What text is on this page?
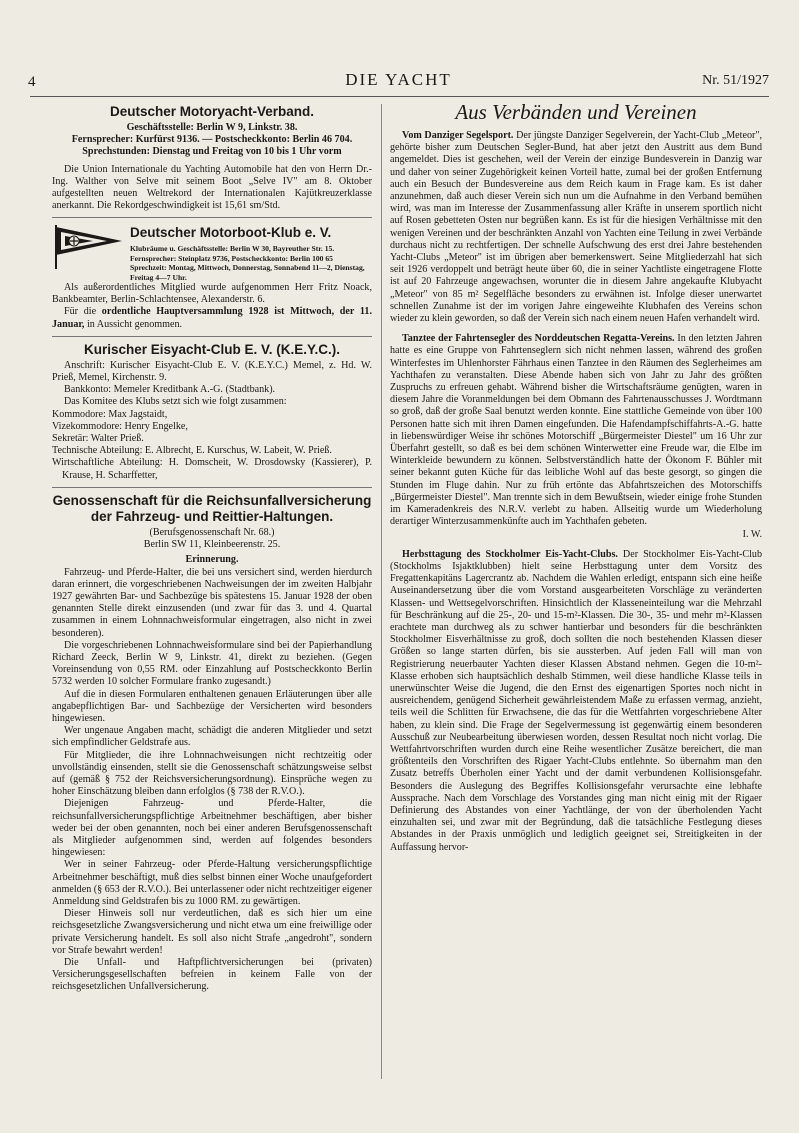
4	DIE YACHT	Nr. 51/1927
Deutscher Motoryacht-Verband.
Geschäftsstelle: Berlin W 9, Linkstr. 38.
Fernsprecher: Kurfürst 9136. — Postscheckkonto: Berlin 46 704.
Sprechstunden: Dienstag und Freitag von 10 bis 1 Uhr vorm

Die Union Internationale du Yachting Automobile hat den von Herrn Dr.-Ing. Walther von Selve mit seinem Boot „Selve IV" am 8. Oktober aufgestellten neuen Weltrekord der Internationalen Kajütkreuzerklasse anerkannt. Die Rekordgeschwindigkeit ist 15,61 sm/Std.

Deutscher Motorboot-Klub e. V.
Klubräume u. Geschäftsstelle: Berlin W 30, Bayreuther Str. 15.
Fernsprecher: Steinplatz 9736, Postscheckkonto: Berlin 100 65
Sprechzeit: Montag, Mittwoch, Donnerstag, Sonnabend 11—2, Dienstag, Freitag 4—7 Uhr.

Als außerordentliches Mitglied wurde aufgenommen Herr Fritz Noack, Bankbeamter, Berlin-Schlachtensee, Alexanderstr. 6.

Für die ordentliche Hauptversammlung 1928 ist Mittwoch, der 11. Januar, in Aussicht genommen.

Kurischer Eisyacht-Club E. V. (K.E.Y.C.).

Anschrift: Kurischer Eisyacht-Club E. V. (K.E.Y.C.) Memel, z. Hd. W. Prieß, Memel, Kirchenstr. 9.

Bankkonto: Memeler Kreditbank A.-G. (Stadtbank).

Das Komitee des Klubs setzt sich wie folgt zusammen:

Kommodore: Max Jagstaidt,
Vizekommodore: Henry Engelke,
Sekretär: Walter Prieß.
Technische Abteilung: E. Albrecht, E. Kurschus, W. Labeit, W. Prieß.
Wirtschaftliche Abteilung: H. Domscheit, W. Drosdowsky (Kassierer), P. Krause, H. Scharffetter,
Genossenschaft für die Reichsunfallversicherung
der Fahrzeug- und Reittier-Haltungen.
(Berufsgenossenschaft Nr. 68.)
Berlin SW 11, Kleinbeerenstr. 25.
Erinnerung.

Fahrzeug- und Pferde-Halter, die bei uns versichert sind, werden hierdurch daran erinnert, die vorgeschriebenen Nachweisungen der im zweiten Halbjahr 1927 gewährten Bar- und Sachbezüge bis spätestens 15. Januar 1928 der oben genannten Stelle direkt einzusenden (und zwar für das 3. und 4. Quartal zusammen in einem Lohnnachweisformular eingetragen, also nicht in zwei besonderen).

Die vorgeschriebenen Lohnnachweisformulare sind bei der Papierhandlung Richard Zeeck, Berlin W 9, Linkstr. 41, direkt zu beziehen. (Gegen Voreinsendung von 0,55 RM. oder Einzahlung auf Postscheckkonto Berlin 5732 werden 10 solcher Formulare franko zugesandt.)

Auf die in diesen Formularen enthaltenen genauen Erläuterungen über alle angabepflichtigen Bar- und Sachbezüge der Versicherten wird besonders hingewiesen.

Wer ungenaue Angaben macht, schädigt die anderen Mitglieder und setzt sich empfindlicher Geldstrafe aus.

Für Mitglieder, die ihre Lohnnachweisungen nicht rechtzeitig oder unvollständig einsenden, stellt sie die Genossenschaft schätzungsweise selbst auf (gemäß § 752 der Reichsversicherungsordnung). Einsprüche wegen zu hoher Einschätzung bleiben dann erfolglos (§ 738 der R.V.O.).

Diejenigen Fahrzeug- und Pferde-Halter, die reichsunfallversicherungspflichtige Arbeitnehmer beschäftigen, aber bisher weder bei der oben genannten, noch bei einer anderen Berufsgenossenschaft als Mitglieder aufgenommen sind, werden auf folgendes besonders hingewiesen:

Wer in seiner Fahrzeug- oder Pferde-Haltung versicherungspflichtige Arbeitnehmer beschäftigt, muß dies selbst binnen einer Woche unaufgefordert anmelden (§ 653 der R.V.O.). Bei unterlassener oder nicht rechtzeitiger eigener Anmeldung sind Geldstrafen bis zu 1000 RM. zu gewärtigen.

Dieser Hinweis soll nur verdeutlichen, daß es sich hier um eine reichsgesetzliche Zwangsversicherung und nicht etwa um eine freiwillige oder private Versicherung handelt. Es soll also nicht Strafe „angedroht", sondern vor Strafe bewahrt werden!

Die Unfall- und Haftpflichtversicherungen bei (privaten) Versicherungsgesellschaften befreien in keinem Falle von der reichsgesetzlichen Unfallversicherung.

Aus Verbänden und Vereinen

Vom Danziger Segelsport. Der jüngste Danziger Segelverein, der Yacht-Club „Meteor", gehörte bisher zum Deutschen Segler-Bund, hat aber jetzt den Austritt aus dem Bund angemeldet. Dies ist geschehen, weil der Verein der einzige Bundesverein in Danzig war und daher von seiner Zugehörigkeit keinen Vorteil hatte, zumal bei der großen Entfernung auch ein Besuch der Bundesvereine aus dem Reich kaum in Frage kam. Es ist daher anzunehmen, daß auch dieser Verein sich nun um die Aufnahme in den Verband bemühen wird, was man im Interesse der Zusammenfassung aller Kräfte in unserem sportlich nicht auf Rosen gebetteten Osten nur begrüßen kann. Es ist für die hiesigen Verhältnisse mit den wenigen Vereinen und der beschränkten Anzahl von Yachten eine Teilung in zwei Verbände durchaus nicht zu rechtfertigen. Der schnelle Aufschwung des erst drei Jahre bestehenden Yacht-Clubs „Meteor" ist im übrigen aber bemerkenswert. Seine Mitgliederzahl hat sich seit 1926 verdoppelt und beträgt heute über 60, die in seiner Yachtliste eingetragene Flotte ist auf 20 Fahrzeuge angewachsen, worunter die in diesem Jahre angekaufte Klubyacht „Meteor" von 85 m² Segelfläche besonders zu erwähnen ist. Infolge dieser unerwartet schnellen Zunahme ist der im vorigen Jahre eingeweihte Klubhafen des Vereins schon wieder zu klein geworden, so daß der Verein sich nach einem neuen Hafen verhandelt wird.

Tanztee der Fahrtensegler des Norddeutschen Regatta-Vereins. In den letzten Jahren hatte es eine Gruppe von Fahrtenseglern sich nicht nehmen lassen, während des großen Winterfestes im Uhlenhorster Fährhaus einen Tanztee in den Räumen des Seglerheimes am Yachthafen zu veranstalten. Diese Abende haben sich von Jahr zu Jahr des größten Zuspruchs zu erfreuen gehabt. Während bisher die Wirtschaftsräume genügten, waren in diesem Jahre die Voranmeldungen bei dem Obmann des Fahrtenausschusses J. Wordtmann so groß, daß der große Saal benutzt werden konnte. Eine stattliche Gemeinde von über 100 Personen hatte sich mit ihren Damen eingefunden. Die Hafendampfschiffahrts-A.-G. hatte in liebenswürdiger Weise ihr schönes Motorschiff „Bürgermeister Diestel" um 16 Uhr zur Überfahrt gestellt, so daß es bei dem schönen Winterwetter eine Freude war, die Elbe im Winterkleide bewundern zu können. Selbstverständlich hatte der Ökonom F. Bühler mit seiner bekannt guten Küche für das leibliche Wohl auf das beste gesorgt, so gingen die Stunden im Fluge dahin. Nur zu früh ertönte das Abfahrtszeichen des Motorschiffs „Bürgermeister Diestel". Man trennte sich in dem Bewußtsein, wieder einige frohe Stunden im Kameradenkreis des N.R.V. verlebt zu haben. Allseitig wurde um Wiederholung derartiger Winterzusammenkünfte auch im Yachthafen gebeten.

I. W.

Herbsttagung des Stockholmer Eis-Yacht-Clubs. Der Stockholmer Eis-Yacht-Club (Stockholms Isjaktklubben) hielt seine Herbsttagung unter dem Vorsitz des Fregattenkapitäns Lagercrantz ab. Nachdem die Wahlen erledigt, entspann sich eine heiße Auseinandersetzung über die vom Vorstand ausgearbeiteten Vorschläge zu veränderten Klassen- und Wettsegelvorschriften. Hinsichtlich der Klasseneinteilung war die Mehrzahl für Beschränkung auf die 25-, 20- und 15-m²-Klassen. Die 30-, 35- und mehr m²-Klassen erachtete man durchweg als zu schwer hantierbar und besonders für die beschränkten Stockholmer Eisverhältnisse zu groß, doch sollten die noch bestehenden Klassen dieser Größen so lange starten dürfen, bis sie aussterben. Auf jeden Fall will man von Registrierung neuerbauter Yachten dieser Klassen Abstand nehmen. Gegen die 10-m²-Klasse erhoben sich hauptsächlich deshalb Stimmen, weil diese handliche Klasse teils in unerwünschter Weise die Jugend, die den Ernst des eigenartigen Sportes noch nicht in ausreichendem, genügend Sicherheit gewährleistendem Maße zu erfassen vermag, anzieht, teils weil die Schlitten für Erwachsene, die das für die Wettfahrten vorgeschriebene Alter haben, zu klein sind. Die Frage der Segelvermessung ist gegenwärtig einem besonderen Ausschuß zur Neubearbeitung überwiesen worden, dessen Resultat noch nicht vorlag. Die Wettfahrtvorschriften wurden durch eine Reihe wesentlicher Zusätze bereichert, die man größtenteils den Vorschriften des Rigaer Yacht-Clubs entlehnte. So übernahm man den Zusatz betreffs Überholen einer Yacht und der damit verbundenen Kollisionsgefahr. Besonders die Auslegung des Begriffes Kollisionsgefahr verursachte eine lebhafte Aussprache. Nach dem Vorschlage des Vorstandes ging man nicht einig mit der Rigaer Definierung des Abstandes von einer Yachtlänge, der von der überholenden Yacht einzuhalten sei, und zwar mit der Begründung, daß die tatsächliche Festlegung dieses Abstandes in der Praxis unmöglich und lediglich geeignet sei, Streitigkeiten in der Auffassung hervor-
